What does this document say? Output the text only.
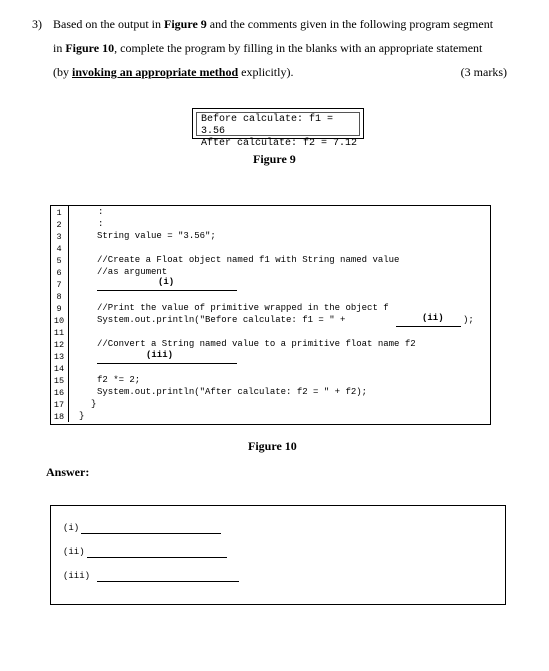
3) Based on the output in Figure 9 and the comments given in the following program segment
in Figure 10, complete the program by filling in the blanks with an appropriate statement
(by invoking an appropriate method explicitly).	(3 marks)
Before calculate: f1 = 3.56
After calculate: f2 = 7.12
Figure 9
1
2
3
4
5
6
7
8
9
10
11
12
13
14
15
16
17
18
:
:
String value = "3.56";
//Create a Float object named f1 with String named value
//as argument
(i)
//Print the value of primitive wrapped in the object f
System.out.println("Before calculate: f1 = " +	(ii) );
//Convert a String named value to a primitive float name f2
(iii)
f2 *= 2;
System.out.println("After calculate: f2 = " + f2);
}
}
Figure 10
Answer:
(i)
(ii)
(iii)
